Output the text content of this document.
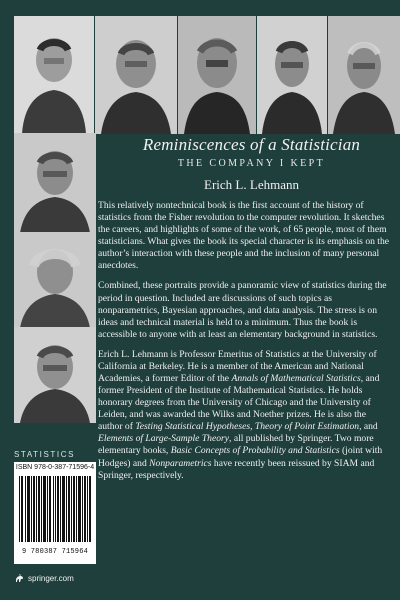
Reminiscences of a Statistician
THE COMPANY I KEPT
Erich L. Lehmann

This relatively nontechnical book is the first account of the history of statistics from the Fisher revolution to the computer revolution. It sketches the careers, and highlights of some of the work, of 65 people, most of them statisticians. What gives the book its special character is its emphasis on the author’s interaction with these people and the inclusion of many personal anecdotes.

Combined, these portraits provide a panoramic view of statistics during the period in question. Included are discussions of such topics as nonparametrics, Bayesian approaches, and data analysis. The stress is on ideas and technical material is held to a minimum. Thus the book is accessible to anyone with at least an elementary background in statistics.

Erich L. Lehmann is Professor Emeritus of Statistics at the University of California at Berkeley. He is a member of the American and National Academies, a former Editor of the Annals of Mathematical Statistics, and former President of the Institute of Mathematical Statistics. He holds honorary degrees from the University of Chicago and the University of Leiden, and was awarded the Wilks and Noether prizes. He is also the author of Testing Statistical Hypotheses, Theory of Point Estimation, and Elements of Large-Sample Theory, all published by Springer. Two more elementary books, Basic Concepts of Probability and Statistics (joint with Hodges) and Nonparametrics have recently been reissued by SIAM and Springer, respectively.

STATISTICS
ISBN 978-0-387-71596-4
9 780387 715964
springer.com
